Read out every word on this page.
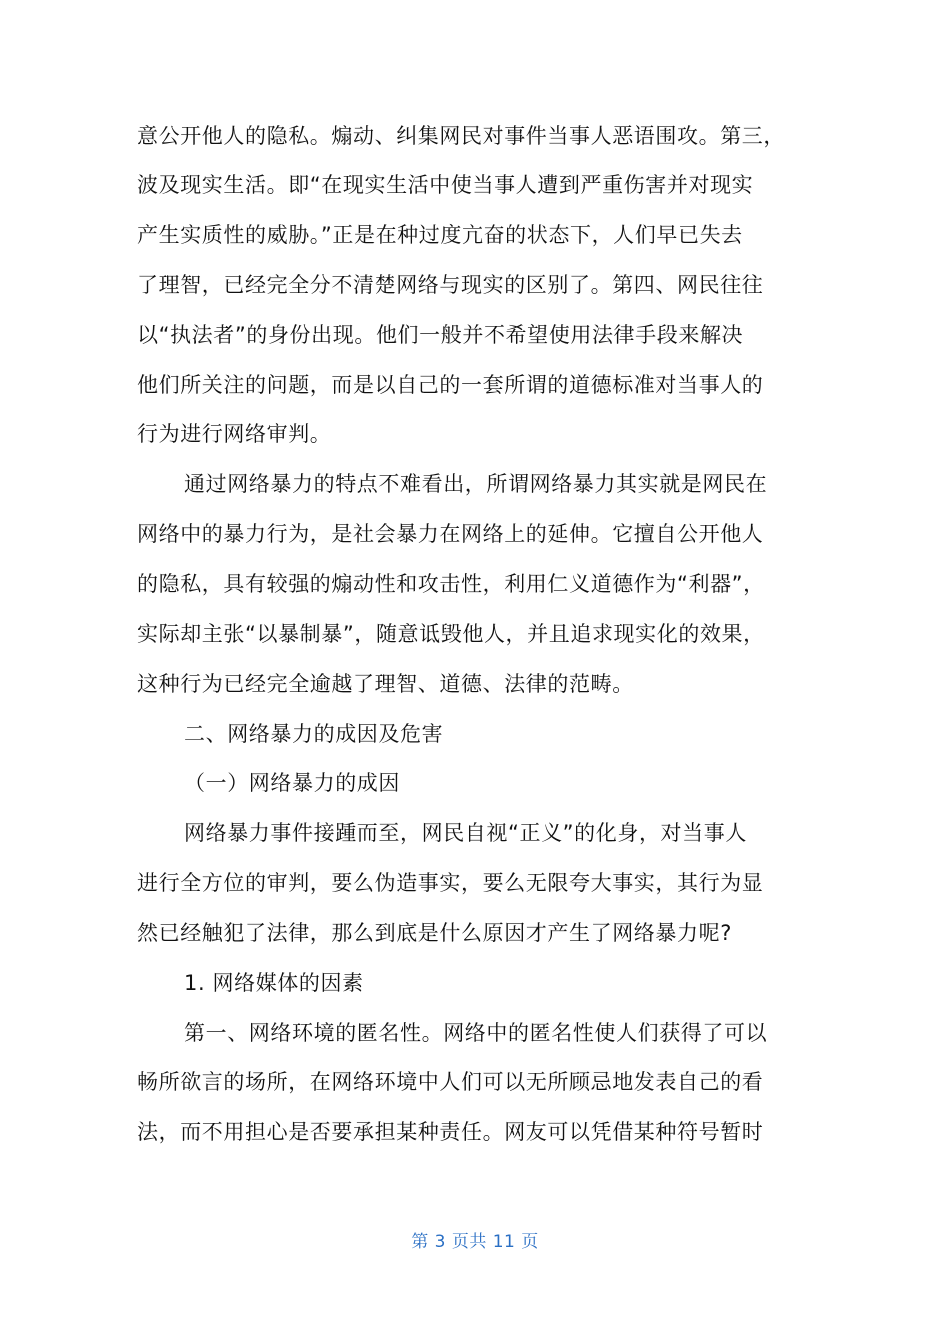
意公开他人的隐私。煽动、纠集网民对事件当事人恶语围攻。第三，
波及现实生活。即“在现实生活中使当事人遭到严重伤害并对现实
产生实质性的威胁。”正是在种过度亢奋的状态下，人们早已失去
了理智，已经完全分不清楚网络与现实的区别了。第四、网民往往
以“执法者”的身份出现。他们一般并不希望使用法律手段来解决
他们所关注的问题，而是以自己的一套所谓的道德标准对当事人的
行为进行网络审判。
通过网络暴力的特点不难看出，所谓网络暴力其实就是网民在
网络中的暴力行为，是社会暴力在网络上的延伸。它擅自公开他人
的隐私，具有较强的煽动性和攻击性，利用仁义道德作为“利器”，
实际却主张“以暴制暴”，随意诋毁他人，并且追求现实化的效果，
这种行为已经完全逾越了理智、道德、法律的范畴。
二、网络暴力的成因及危害
（一）网络暴力的成因
网络暴力事件接踵而至，网民自视“正义”的化身，对当事人
进行全方位的审判，要么伪造事实，要么无限夸大事实，其行为显
然已经触犯了法律，那么到底是什么原因才产生了网络暴力呢?
1. 网络媒体的因素
第一、网络环境的匿名性。网络中的匿名性使人们获得了可以
畅所欲言的场所，在网络环境中人们可以无所顾忌地发表自己的看
法，而不用担心是否要承担某种责任。网友可以凭借某种符号暂时
第 3 页共 11 页
